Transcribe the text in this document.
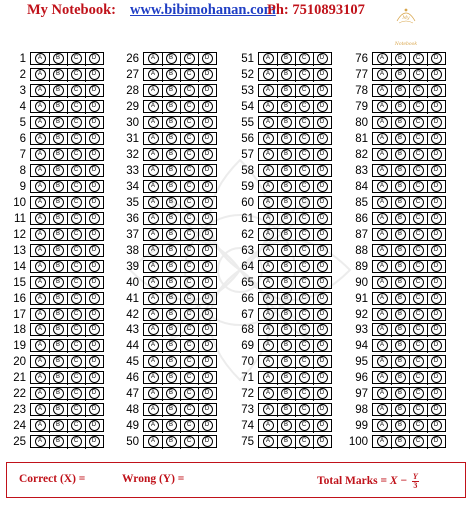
My Notebook: www.bibimohanan.com
Ph: 7510893107
My Notebook
1	A	B	C	D
2	A	B	C	D
3	A	B	C	D
4	A	B	C	D
5	A	B	C	D
6	A	B	C	D
7	A	B	C	D
8	A	B	C	D
9	A	B	C	D
10	A	B	C	D
11	A	B	C	D
12	A	B	C	D
13	A	B	C	D
14	A	B	C	D
15	A	B	C	D
16	A	B	C	D
17	A	B	C	D
18	A	B	C	D
19	A	B	C	D
20	A	B	C	D
21	A	B	C	D
22	A	B	C	D
23	A	B	C	D
24	A	B	C	D
25	A	B	C	D
26	A	B	C	D
27	A	B	C	D
28	A	B	C	D
29	A	B	C	D
30	A	B	C	D
31	A	B	C	D
32	A	B	C	D
33	A	B	C	D
34	A	B	C	D
35	A	B	C	D
36	A	B	C	D
37	A	B	C	D
38	A	B	C	D
39	A	B	C	D
40	A	B	C	D
41	A	B	C	D
42	A	B	C	D
43	A	B	C	D
44	A	B	C	D
45	A	B	C	D
46	A	B	C	D
47	A	B	C	D
48	A	B	C	D
49	A	B	C	D
50	A	B	C	D
51	A	B	C	D
52	A	B	C	D
53	A	B	C	D
54	A	B	C	D
55	A	B	C	D
56	A	B	C	D
57	A	B	C	D
58	A	B	C	D
59	A	B	C	D
60	A	B	C	D
61	A	B	C	D
62	A	B	C	D
63	A	B	C	D
64	A	B	C	D
65	A	B	C	D
66	A	B	C	D
67	A	B	C	D
68	A	B	C	D
69	A	B	C	D
70	A	B	C	D
71	A	B	C	D
72	A	B	C	D
73	A	B	C	D
74	A	B	C	D
75	A	B	C	D
76	A	B	C	D
77	A	B	C	D
78	A	B	C	D
79	A	B	C	D
80	A	B	C	D
81	A	B	C	D
82	A	B	C	D
83	A	B	C	D
84	A	B	C	D
85	A	B	C	D
86	A	B	C	D
87	A	B	C	D
88	A	B	C	D
89	A	B	C	D
90	A	B	C	D
91	A	B	C	D
92	A	B	C	D
93	A	B	C	D
94	A	B	C	D
95	A	B	C	D
96	A	B	C	D
97	A	B	C	D
98	A	B	C	D
99	A	B	C	D
100	A	B	C	D
Correct (X) =	Wrong (Y) =	Total Marks = $X - \frac{Y}{3}$
